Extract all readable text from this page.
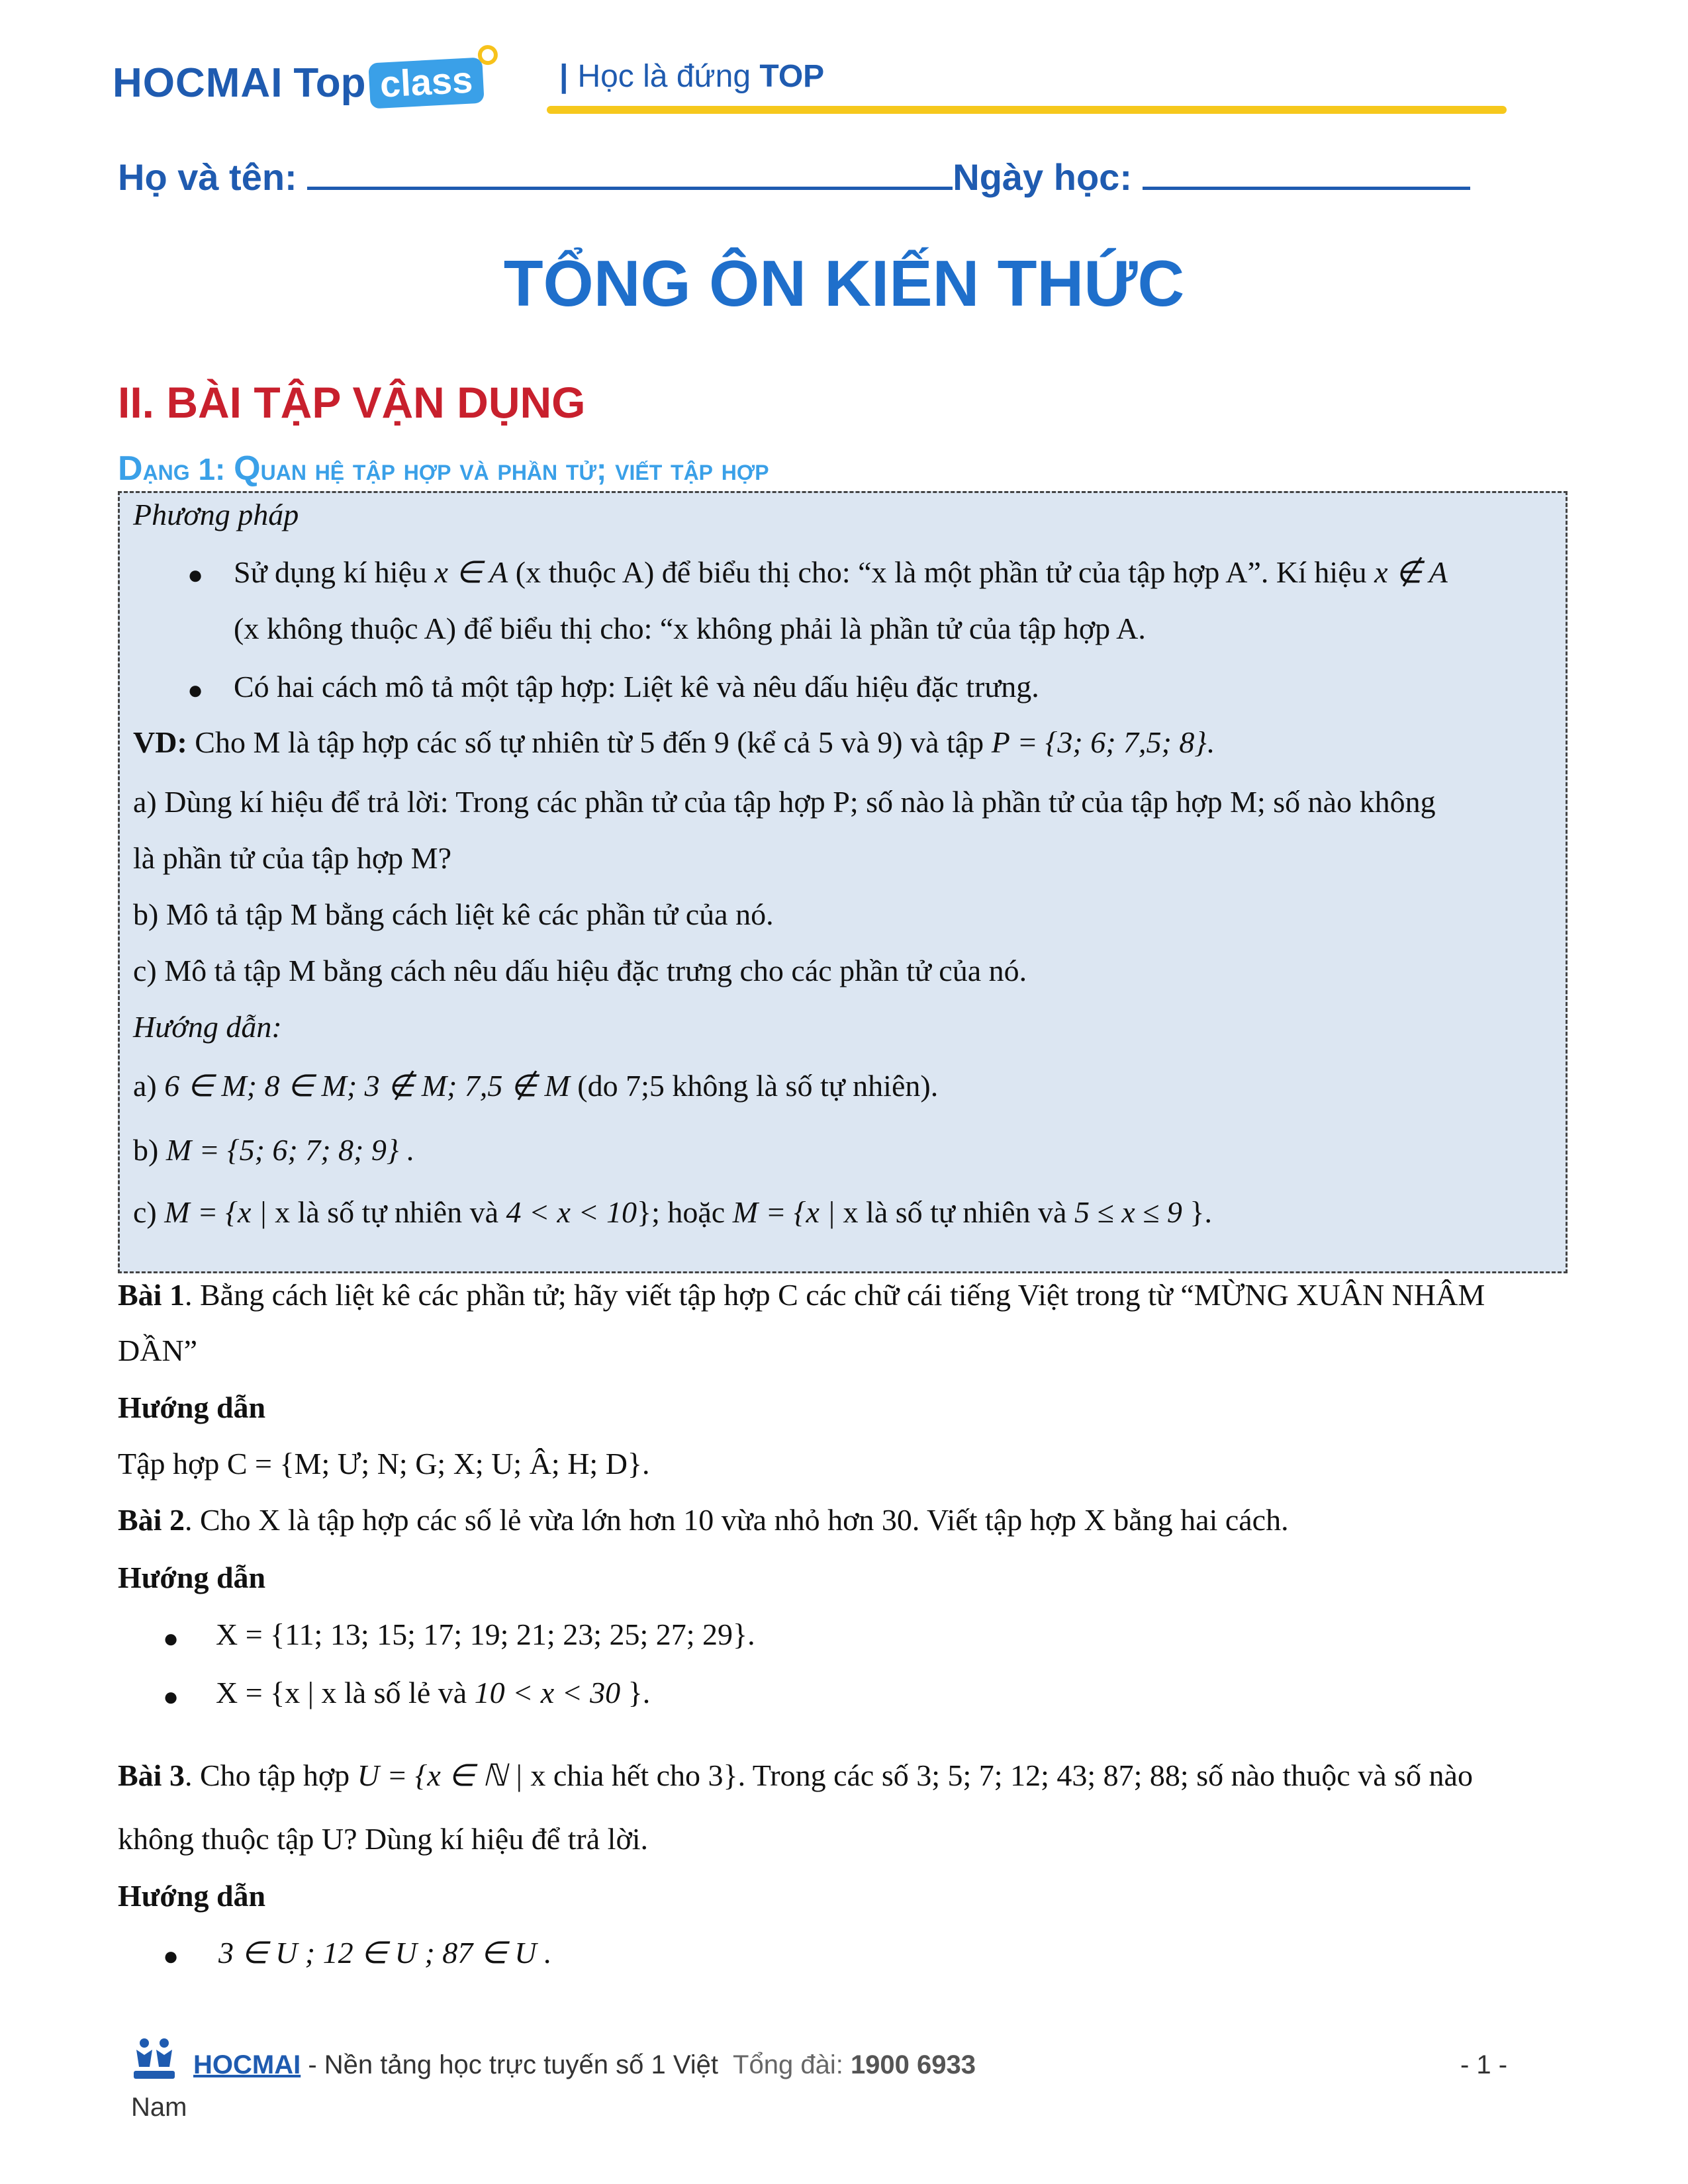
HOCMAI Top class	| Học là đứng TOP
Họ và tên:	Ngày học:
TỔNG ÔN KIẾN THỨC
II. BÀI TẬP VẬN DỤNG
Dạng 1: Quan hệ tập hợp và phần tử; viết tập hợp
Phương pháp
● Sử dụng kí hiệu x ∈ A (x thuộc A) để biểu thị cho: “x là một phần tử của tập hợp A”. Kí hiệu x ∉ A
(x không thuộc A) để biểu thị cho: “x không phải là phần tử của tập hợp A.
● Có hai cách mô tả một tập hợp: Liệt kê và nêu dấu hiệu đặc trưng.
VD: Cho M là tập hợp các số tự nhiên từ 5 đến 9 (kể cả 5 và 9) và tập P = {3; 6; 7,5; 8}.
a) Dùng kí hiệu để trả lời: Trong các phần tử của tập hợp P; số nào là phần tử của tập hợp M; số nào không
là phần tử của tập hợp M?
b) Mô tả tập M bằng cách liệt kê các phần tử của nó.
c) Mô tả tập M bằng cách nêu dấu hiệu đặc trưng cho các phần tử của nó.
Hướng dẫn:
a) 6 ∈ M; 8 ∈ M; 3 ∉ M; 7,5 ∉ M (do 7;5 không là số tự nhiên).
b) M = {5; 6; 7; 8; 9} .
c) M = {x | x là số tự nhiên và 4 < x < 10}; hoặc M = {x | x là số tự nhiên và 5 ≤ x ≤ 9 }.
Bài 1. Bằng cách liệt kê các phần tử; hãy viết tập hợp C các chữ cái tiếng Việt trong từ “MỪNG XUÂN NHÂM
DẦN”
Hướng dẫn
Tập hợp C = {M; Ư; N; G; X; U; Â; H; D}.
Bài 2. Cho X là tập hợp các số lẻ vừa lớn hơn 10 vừa nhỏ hơn 30. Viết tập hợp X bằng hai cách.
Hướng dẫn
● X = {11; 13; 15; 17; 19; 21; 23; 25; 27; 29}.
● X = {x | x là số lẻ và 10 < x < 30 }.
Bài 3. Cho tập hợp U = {x ∈ ℕ | x chia hết cho 3}. Trong các số 3; 5; 7; 12; 43; 87; 88; số nào thuộc và số nào
không thuộc tập U? Dùng kí hiệu để trả lời.
Hướng dẫn
● 3 ∈ U ; 12 ∈ U ; 87 ∈ U .
HOCMAI - Nền tảng học trực tuyến số 1 Việt Tổng đài: 1900 6933	- 1 -
Nam
